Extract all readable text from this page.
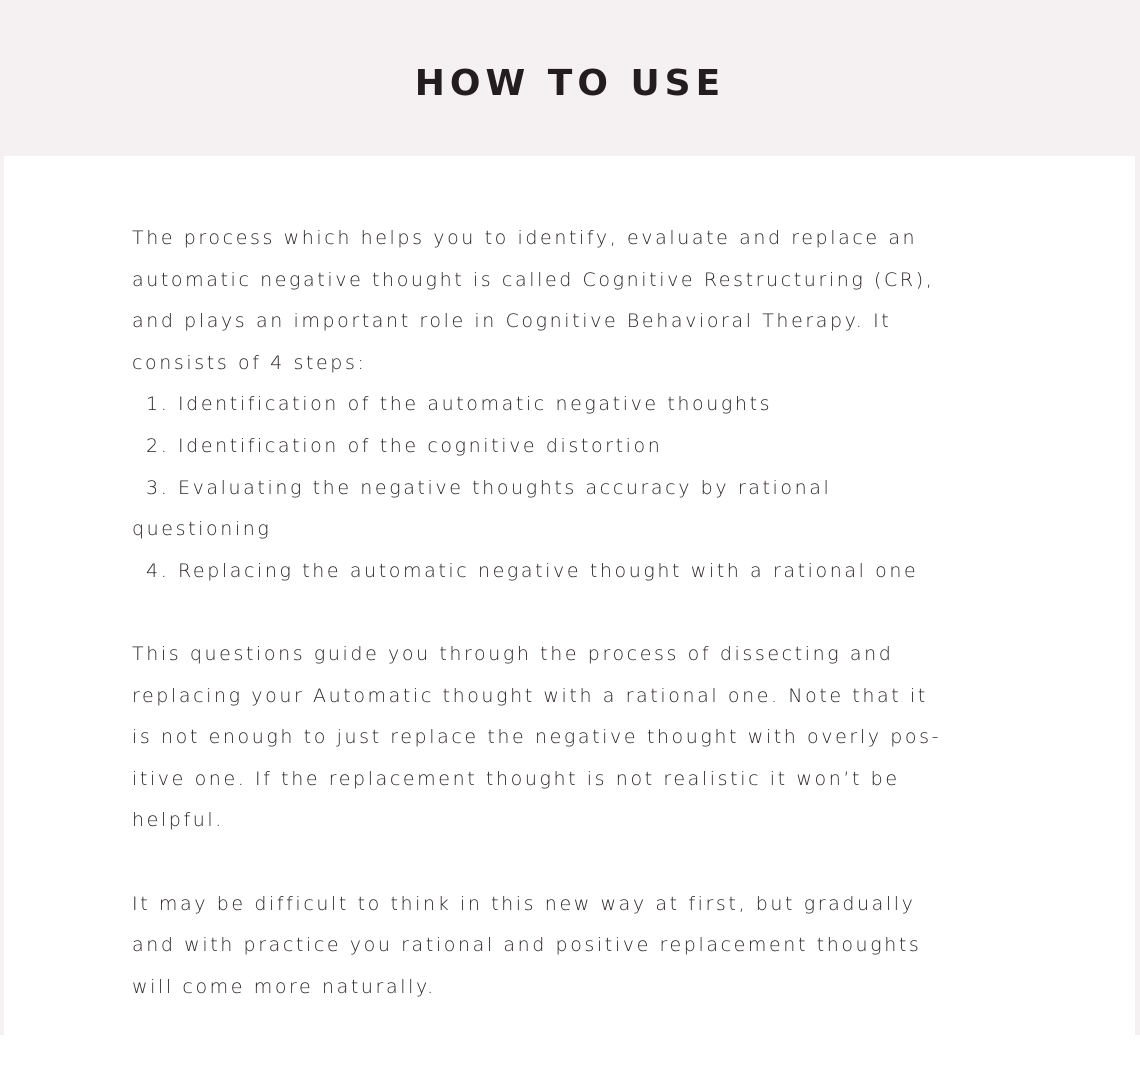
HOW TO USE
The process which helps you to identify, evaluate and replace an
automatic negative thought is called Cognitive Restructuring (CR),
and plays an important role in Cognitive Behavioral Therapy. It
consists of 4 steps:
1. Identification of the automatic negative thoughts
2. Identification of the cognitive distortion
3. Evaluating the negative thoughts accuracy by rational
questioning
4. Replacing the automatic negative thought with a rational one
This questions guide you through the process of dissecting and
replacing your Automatic thought with a rational one. Note that it
is not enough to just replace the negative thought with overly pos-
itive one. If the replacement thought is not realistic it won’t be
helpful.
It may be difficult to think in this new way at first, but gradually
and with practice you rational and positive replacement thoughts
will come more naturally.
